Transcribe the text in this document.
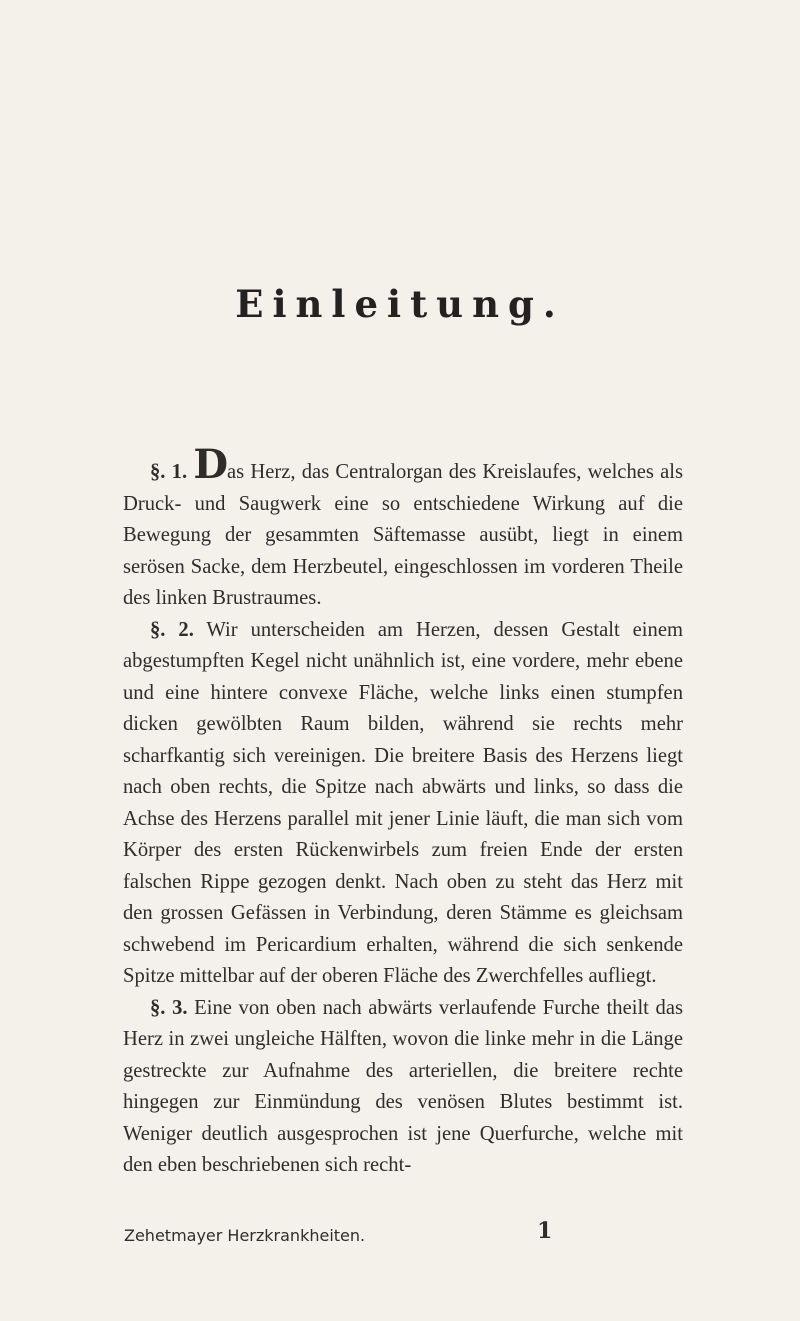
Einleitung.

§. 1. Das Herz, das Centralorgan des Kreislaufes, welches als Druck- und Saugwerk eine so entschiedene Wirkung auf die Bewegung der gesammten Säftemasse ausübt, liegt in einem serösen Sacke, dem Herzbeutel, eingeschlossen im vorderen Theile des linken Brustraumes.

§. 2. Wir unterscheiden am Herzen, dessen Gestalt einem abgestumpften Kegel nicht unähnlich ist, eine vordere, mehr ebene und eine hintere convexe Fläche, welche links einen stumpfen dicken gewölbten Raum bilden, während sie rechts mehr scharfkantig sich vereinigen. Die breitere Basis des Herzens liegt nach oben rechts, die Spitze nach abwärts und links, so dass die Achse des Herzens parallel mit jener Linie läuft, die man sich vom Körper des ersten Rückenwirbels zum freien Ende der ersten falschen Rippe gezogen denkt. Nach oben zu steht das Herz mit den grossen Gefässen in Verbindung, deren Stämme es gleichsam schwebend im Pericardium erhalten, während die sich senkende Spitze mittelbar auf der oberen Fläche des Zwerchfelles aufliegt.

§. 3. Eine von oben nach abwärts verlaufende Furche theilt das Herz in zwei ungleiche Hälften, wovon die linke mehr in die Länge gestreckte zur Aufnahme des arteriellen, die breitere rechte hingegen zur Einmündung des venösen Blutes bestimmt ist. Weniger deutlich ausgesprochen ist jene Querfurche, welche mit den eben beschriebenen sich recht-

Zehetmayer Herzkrankheiten.	1
